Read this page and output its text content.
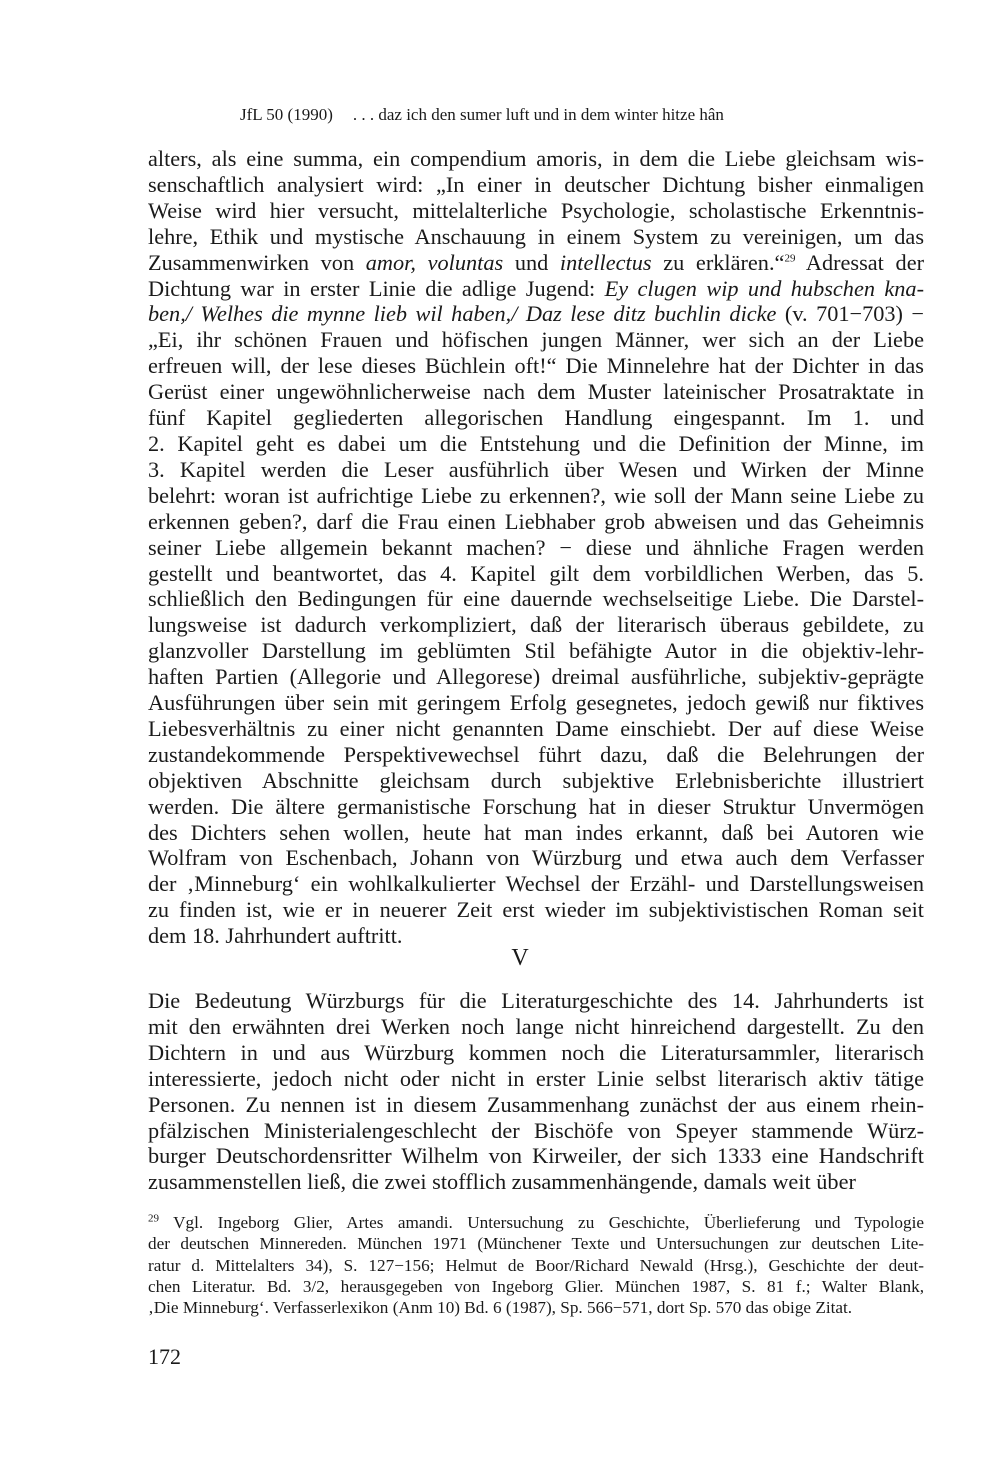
JfL 50 (1990) . . . daz ich den sumer luft und in dem winter hitze hân
alters, als eine summa, ein compendium amoris, in dem die Liebe gleichsam wis-
senschaftlich analysiert wird: „In einer in deutscher Dichtung bisher einmaligen
Weise wird hier versucht, mittelalterliche Psychologie, scholastische Erkenntnis-
lehre, Ethik und mystische Anschauung in einem System zu vereinigen, um das
Zusammenwirken von amor, voluntas und intellectus zu erklären.“$^{29}$ Adressat der
Dichtung war in erster Linie die adlige Jugend: Ey clugen wip und hubschen kna-
ben,/ Welhes die mynne lieb wil haben,/ Daz lese ditz buchlin dicke (v. 701−703) −
„Ei, ihr schönen Frauen und höfischen jungen Männer, wer sich an der Liebe
erfreuen will, der lese dieses Büchlein oft!“ Die Minnelehre hat der Dichter in das
Gerüst einer ungewöhnlicherweise nach dem Muster lateinischer Prosatraktate in
fünf Kapitel gegliederten allegorischen Handlung eingespannt. Im 1. und
2. Kapitel geht es dabei um die Entstehung und die Definition der Minne, im
3. Kapitel werden die Leser ausführlich über Wesen und Wirken der Minne
belehrt: woran ist aufrichtige Liebe zu erkennen?, wie soll der Mann seine Liebe zu
erkennen geben?, darf die Frau einen Liebhaber grob abweisen und das Geheimnis
seiner Liebe allgemein bekannt machen? − diese und ähnliche Fragen werden
gestellt und beantwortet, das 4. Kapitel gilt dem vorbildlichen Werben, das 5.
schließlich den Bedingungen für eine dauernde wechselseitige Liebe. Die Darstel-
lungsweise ist dadurch verkompliziert, daß der literarisch überaus gebildete, zu
glanzvoller Darstellung im geblümten Stil befähigte Autor in die objektiv-lehr-
haften Partien (Allegorie und Allegorese) dreimal ausführliche, subjektiv-geprägte
Ausführungen über sein mit geringem Erfolg gesegnetes, jedoch gewiß nur fiktives
Liebesverhältnis zu einer nicht genannten Dame einschiebt. Der auf diese Weise
zustandekommende Perspektivewechsel führt dazu, daß die Belehrungen der
objektiven Abschnitte gleichsam durch subjektive Erlebnisberichte illustriert
werden. Die ältere germanistische Forschung hat in dieser Struktur Unvermögen
des Dichters sehen wollen, heute hat man indes erkannt, daß bei Autoren wie
Wolfram von Eschenbach, Johann von Würzburg und etwa auch dem Verfasser
der ‚Minneburg‘ ein wohlkalkulierter Wechsel der Erzähl- und Darstellungsweisen
zu finden ist, wie er in neuerer Zeit erst wieder im subjektivistischen Roman seit
dem 18. Jahrhundert auftritt.
V
Die Bedeutung Würzburgs für die Literaturgeschichte des 14. Jahrhunderts ist
mit den erwähnten drei Werken noch lange nicht hinreichend dargestellt. Zu den
Dichtern in und aus Würzburg kommen noch die Literatursammler, literarisch
interessierte, jedoch nicht oder nicht in erster Linie selbst literarisch aktiv tätige
Personen. Zu nennen ist in diesem Zusammenhang zunächst der aus einem rhein-
pfälzischen Ministerialengeschlecht der Bischöfe von Speyer stammende Würz-
burger Deutschordensritter Wilhelm von Kirweiler, der sich 1333 eine Handschrift
zusammenstellen ließ, die zwei stofflich zusammenhängende, damals weit über
$^{29}$ Vgl. Ingeborg Glier, Artes amandi. Untersuchung zu Geschichte, Überlieferung und Typologie
der deutschen Minnereden. München 1971 (Münchener Texte und Untersuchungen zur deutschen Lite-
ratur d. Mittelalters 34), S. 127−156; Helmut de Boor/Richard Newald (Hrsg.), Geschichte der deut-
chen Literatur. Bd. 3/2, herausgegeben von Ingeborg Glier. München 1987, S. 81 f.; Walter Blank,
‚Die Minneburg‘. Verfasserlexikon (Anm 10) Bd. 6 (1987), Sp. 566−571, dort Sp. 570 das obige Zitat.
172
